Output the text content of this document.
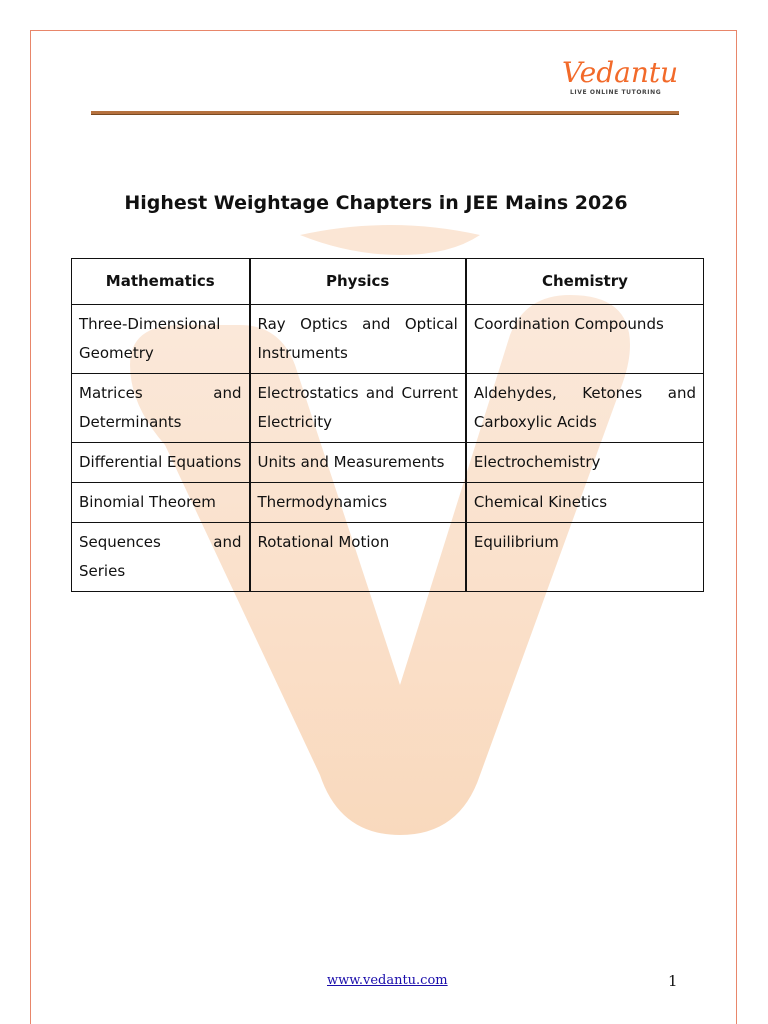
Vedantu
LIVE ONLINE TUTORING
Highest Weightage Chapters in JEE Mains 2026
Mathematics	Physics	Chemistry
Three-Dimensional Geometry	Ray Optics and Optical Instruments	Coordination Compounds
Matrices and Determinants	Electrostatics and Current Electricity	Aldehydes, Ketones and Carboxylic Acids
Differential Equations	Units and Measurements	Electrochemistry
Binomial Theorem	Thermodynamics	Chemical Kinetics
Sequences and Series	Rotational Motion	Equilibrium
www.vedantu.com	1
